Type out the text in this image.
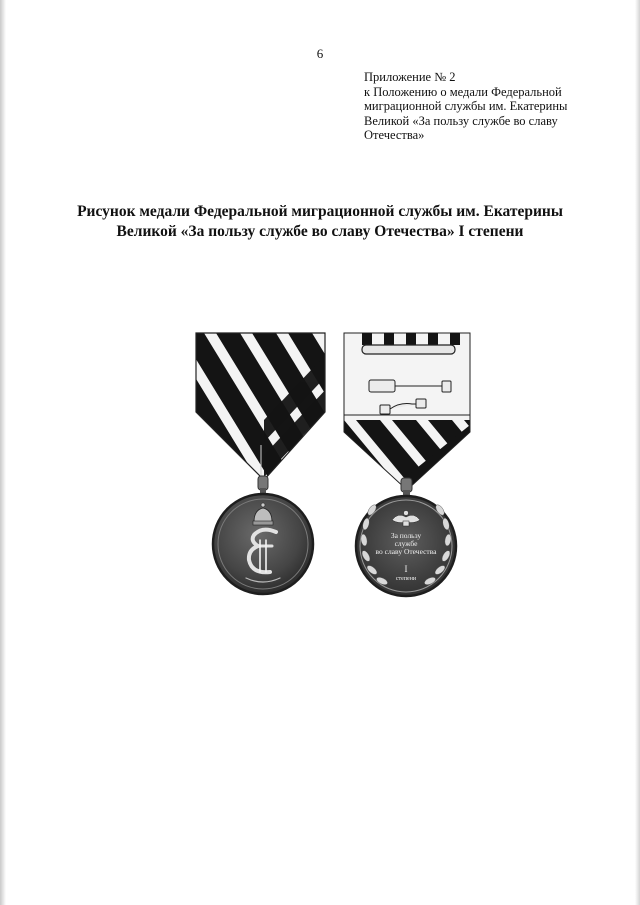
6
Приложение № 2
к Положению о медали Федеральной
миграционной службы им. Екатерины
Великой «За пользу службе во славу
Отечества»
Рисунок медали Федеральной миграционной службы им. Екатерины
Великой «За пользу службе во славу Отечества» I степени
За пользу
службе
во славу Отечества
I
степени
